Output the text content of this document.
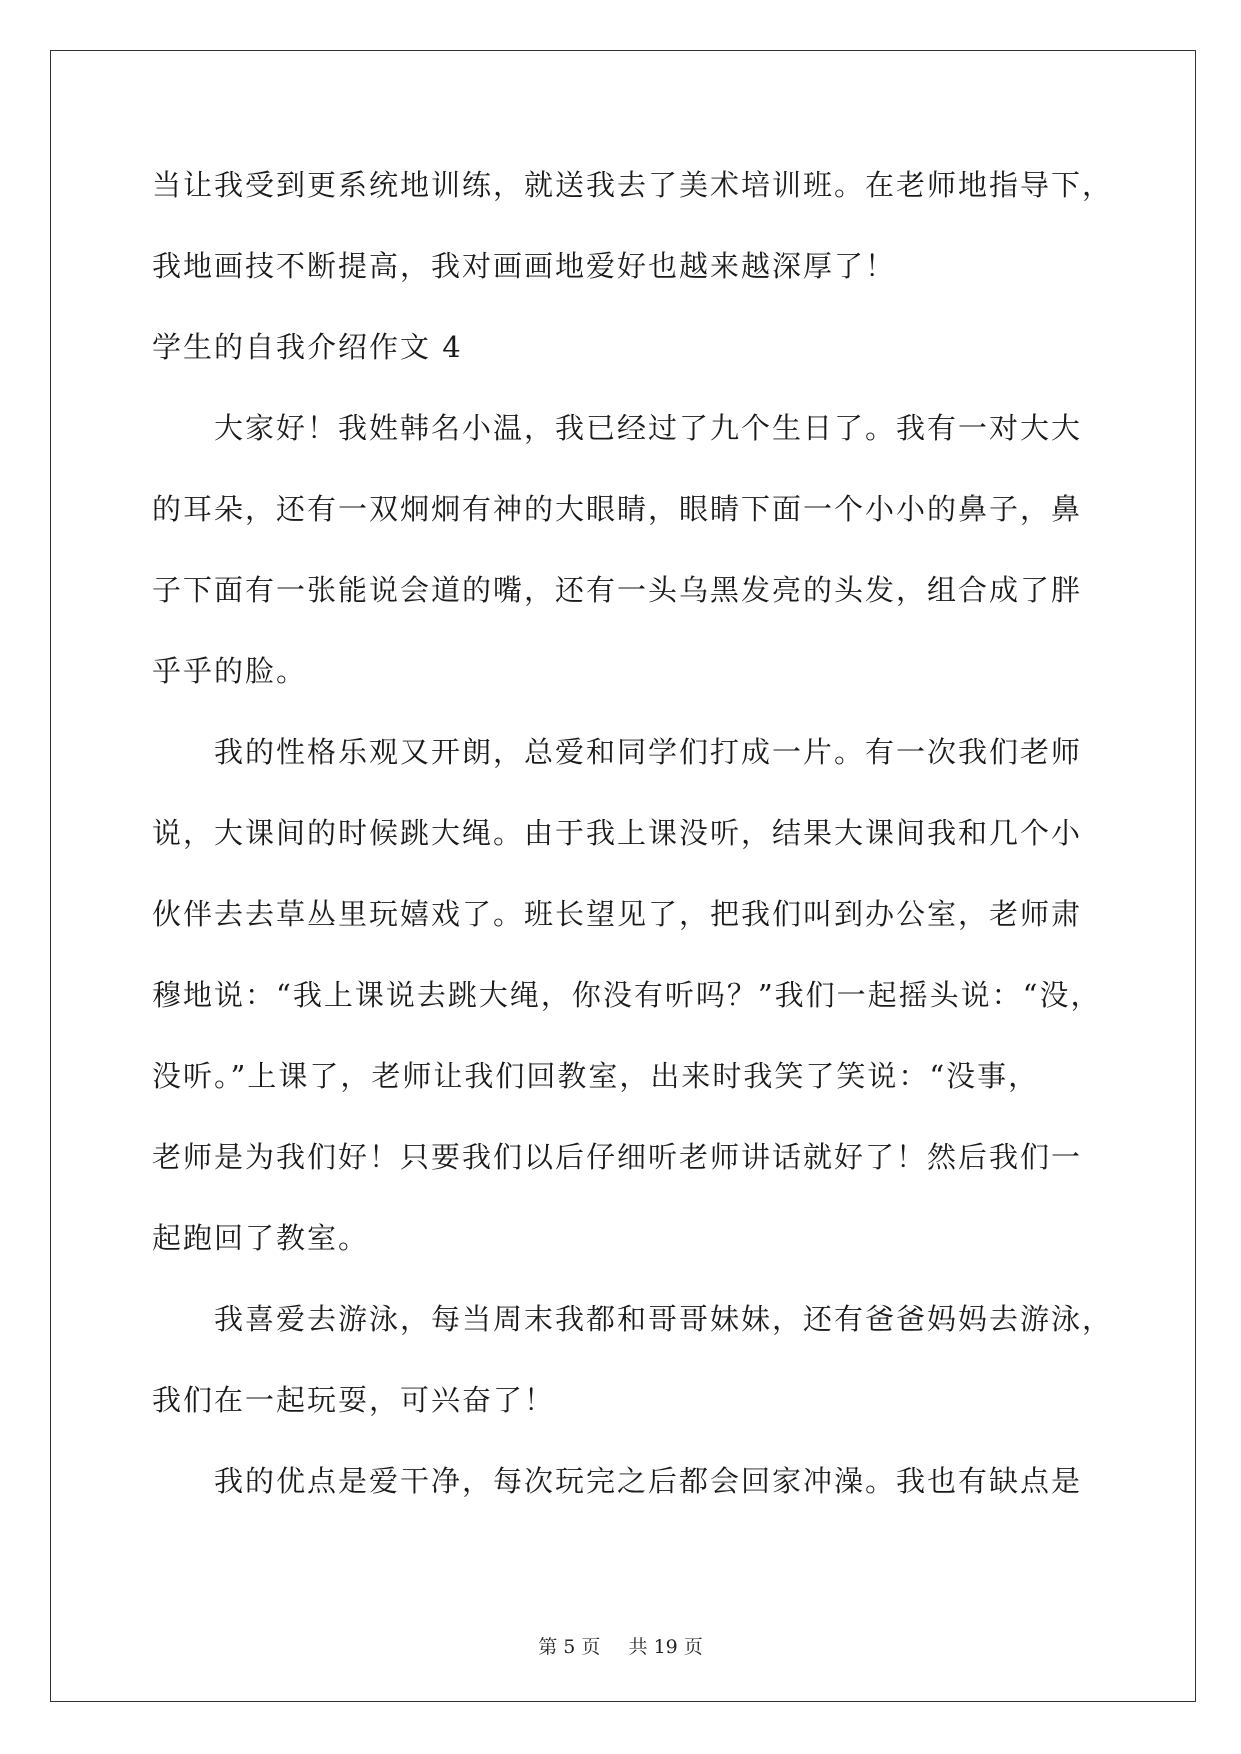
当让我受到更系统地训练，就送我去了美术培训班。在老师地指导下，
我地画技不断提高，我对画画地爱好也越来越深厚了！
学生的自我介绍作文 4
大家好！我姓韩名小温，我已经过了九个生日了。我有一对大大
的耳朵，还有一双炯炯有神的大眼睛，眼睛下面一个小小的鼻子，鼻
子下面有一张能说会道的嘴，还有一头乌黑发亮的头发，组合成了胖
乎乎的脸。
我的性格乐观又开朗，总爱和同学们打成一片。有一次我们老师
说，大课间的时候跳大绳。由于我上课没听，结果大课间我和几个小
伙伴去去草丛里玩嬉戏了。班长望见了，把我们叫到办公室，老师肃
穆地说：“我上课说去跳大绳，你没有听吗？”我们一起摇头说：“没，
没听。”上课了，老师让我们回教室，出来时我笑了笑说：“没事，
老师是为我们好！只要我们以后仔细听老师讲话就好了！然后我们一
起跑回了教室。
我喜爱去游泳，每当周末我都和哥哥妹妹，还有爸爸妈妈去游泳，
我们在一起玩耍，可兴奋了！
我的优点是爱干净，每次玩完之后都会回家冲澡。我也有缺点是
第 5 页 共 19 页
